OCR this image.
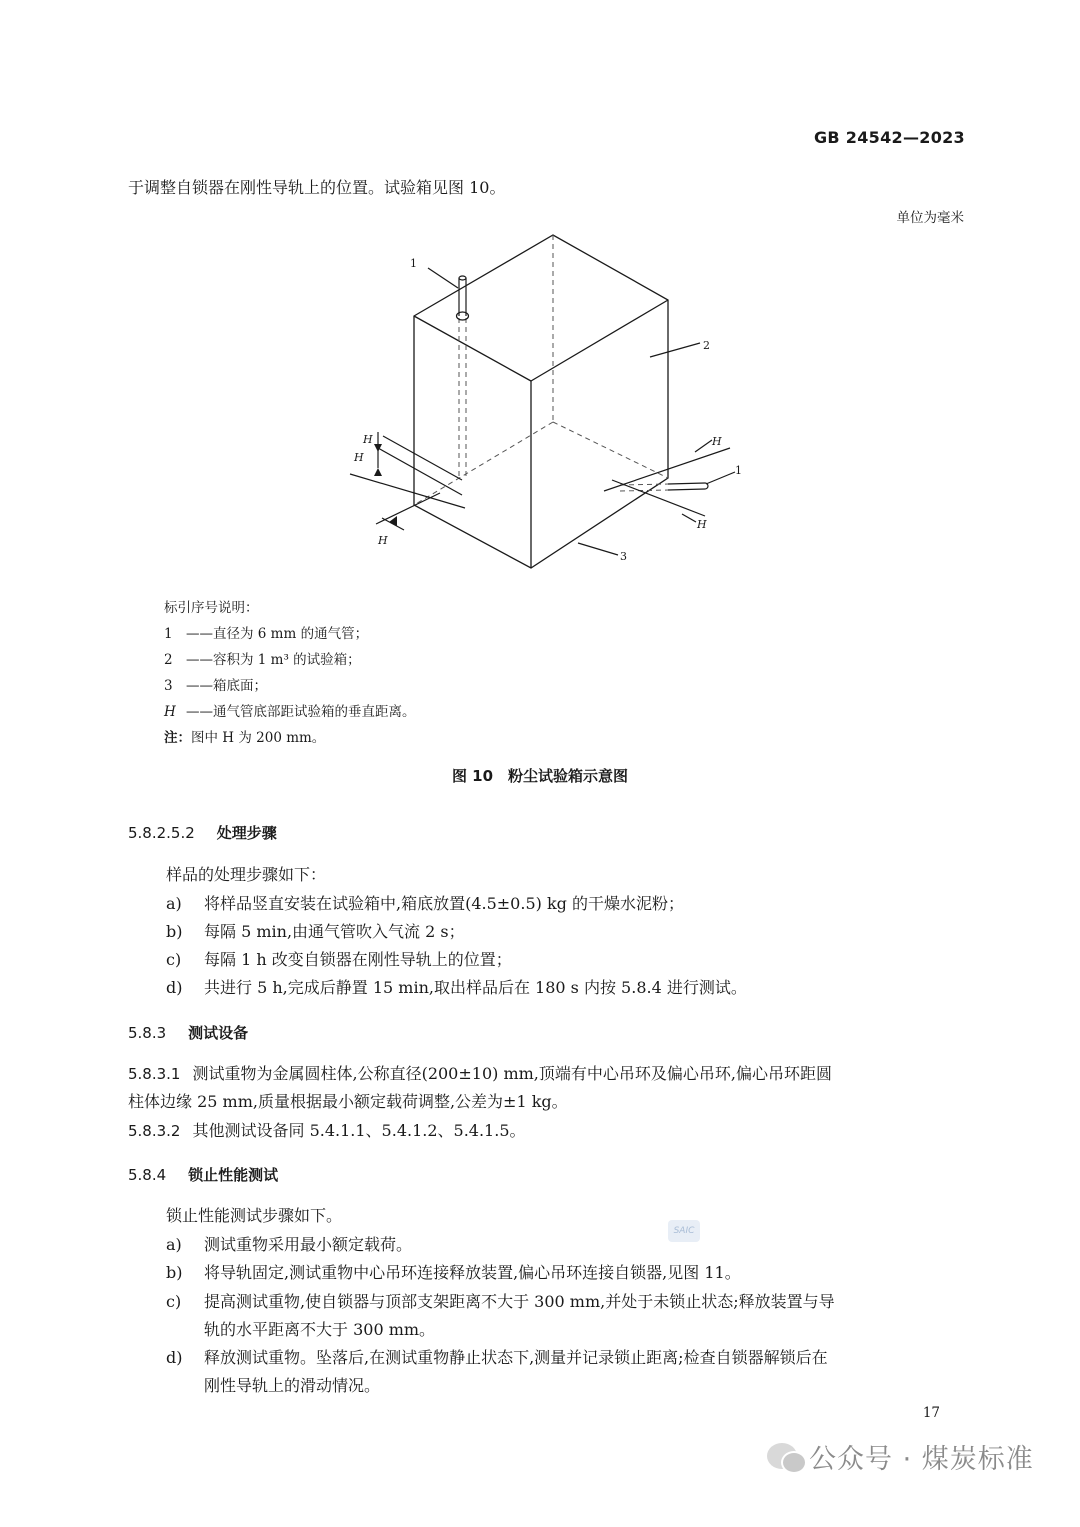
GB 24542—2023
于调整自锁器在刚性导轨上的位置。试验箱见图 10。
单位为毫米
1
2
1
3
H
H
H
H
H
标引序号说明：
1 ——直径为 6 mm 的通气管；
2 ——容积为 1 m³ 的试验箱；
3 ——箱底面；
H ——通气管底部距试验箱的垂直距离。
注：图中 H 为 200 mm。
图 10　粉尘试验箱示意图
5.8.2.5.2 处理步骤
样品的处理步骤如下：
a) 将样品竖直安装在试验箱中,箱底放置(4.5±0.5) kg 的干燥水泥粉；
b) 每隔 5 min,由通气管吹入气流 2 s；
c) 每隔 1 h 改变自锁器在刚性导轨上的位置；
d) 共进行 5 h,完成后静置 15 min,取出样品后在 180 s 内按 5.8.4 进行测试。
5.8.3 测试设备
5.8.3.1 测试重物为金属圆柱体,公称直径(200±10) mm,顶端有中心吊环及偏心吊环,偏心吊环距圆
柱体边缘 25 mm,质量根据最小额定载荷调整,公差为±1 kg。
5.8.3.2 其他测试设备同 5.4.1.1、5.4.1.2、5.4.1.5。
5.8.4 锁止性能测试
锁止性能测试步骤如下。
a) 测试重物采用最小额定载荷。
b) 将导轨固定,测试重物中心吊环连接释放装置,偏心吊环连接自锁器,见图 11。
c) 提高测试重物,使自锁器与顶部支架距离不大于 300 mm,并处于未锁止状态;释放装置与导
轨的水平距离不大于 300 mm。
d) 释放测试重物。坠落后,在测试重物静止状态下,测量并记录锁止距离;检查自锁器解锁后在
刚性导轨上的滑动情况。
SAIC
17
公众号 · 煤炭标准
